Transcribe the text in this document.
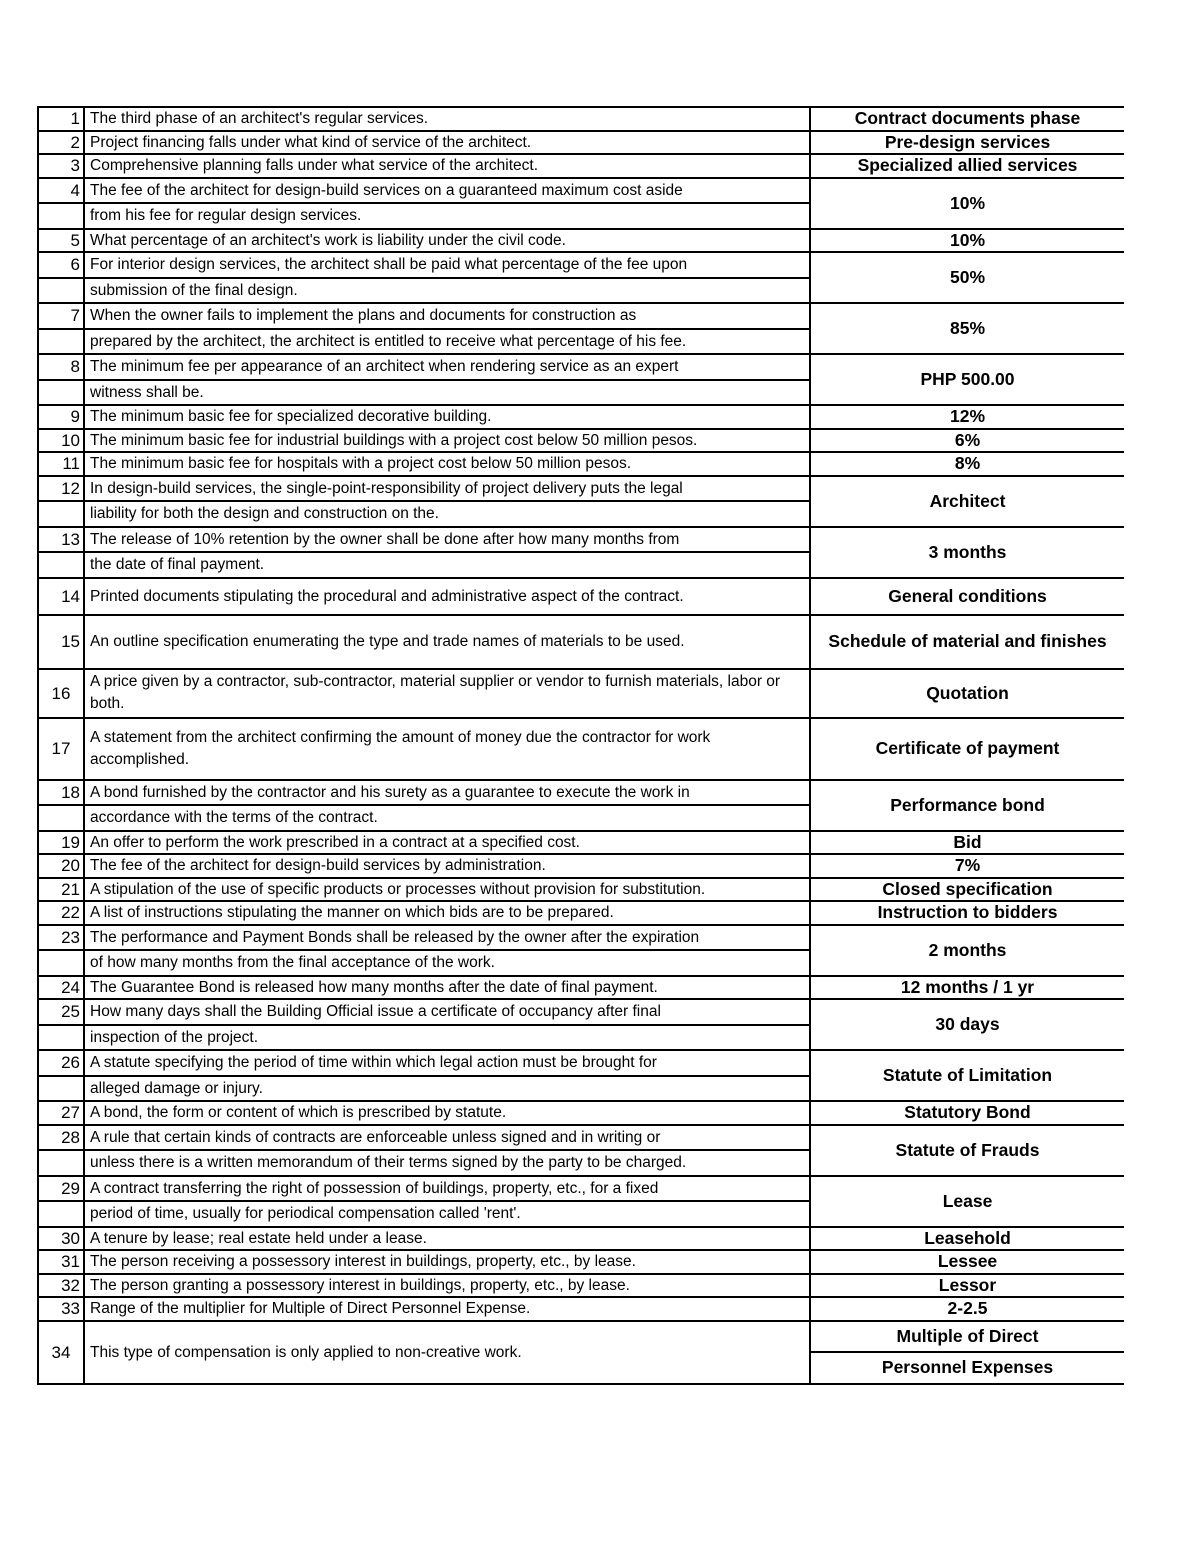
1	The third phase of an architect's regular services.	Contract documents phase
2	Project financing falls under what kind of service of the architect.	Pre-design services
3	Comprehensive planning falls under what service of the architect.	Specialized allied services
4	The fee of the architect for design-build services on a guaranteed maximum cost aside	10%
	from his fee for regular design services.	
5	What percentage of an architect's work is liability under the civil code.	10%
6	For interior design services, the architect shall be paid what percentage of the fee upon	50%
	submission of the final design.	
7	When the owner fails to implement the plans and documents for construction as	85%
	prepared by the architect, the architect is entitled to receive what percentage of his fee.	
8	The minimum fee per appearance of an architect when rendering service as an expert	PHP 500.00
	witness shall be.	
9	The minimum basic fee for specialized decorative building.	12%
10	The minimum basic fee for industrial buildings with a project cost below 50 million pesos.	6%
11	The minimum basic fee for hospitals with a project cost below 50 million pesos.	8%
12	In design-build services, the single-point-responsibility of project delivery puts the legal	Architect
	liability for both the design and construction on the.	
13	The release of 10% retention by the owner shall be done after how many months from	3 months
	the date of final payment.	
14	Printed documents stipulating the procedural and administrative aspect of the contract.	General conditions
15	An outline specification enumerating the type and trade names of materials to be used.	Schedule of material and finishes
16	A price given by a contractor, sub-contractor, material supplier or vendor to furnish materials, labor or both.	Quotation
17	A statement from the architect confirming the amount of money due the contractor for work accomplished.	Certificate of payment
18	A bond furnished by the contractor and his surety as a guarantee to execute the work in	Performance bond
	accordance with the terms of the contract.	
19	An offer to perform the work prescribed in a contract at a specified cost.	Bid
20	The fee of the architect for design-build services by administration.	7%
21	A stipulation of the use of specific products or processes without provision for substitution.	Closed specification
22	A list of instructions stipulating the manner on which bids are to be prepared.	Instruction to bidders
23	The performance and Payment Bonds shall be released by the owner after the expiration	2 months
	of how many months from the final acceptance of the work.	
24	The Guarantee Bond is released how many months after the date of final payment.	12 months / 1 yr
25	How many days shall the Building Official issue a certificate of occupancy after final	30 days
	inspection of the project.	
26	A statute specifying the period of time within which legal action must be brought for	Statute of Limitation
	alleged damage or injury.	
27	A bond, the form or content of which is prescribed by statute.	Statutory Bond
28	A rule that certain kinds of contracts are enforceable unless signed and in writing or	Statute of Frauds
	unless there is a written memorandum of their terms signed by the party to be charged.	
29	A contract transferring the right of possession of buildings, property, etc., for a fixed	Lease
	period of time, usually for periodical compensation called 'rent'.	
30	A tenure by lease; real estate held under a lease.	Leasehold
31	The person receiving a possessory interest in buildings, property, etc., by lease.	Lessee
32	The person granting a possessory interest in buildings, property, etc., by lease.	Lessor
33	Range of the multiplier for Multiple of Direct Personnel Expense.	2-2.5
34	This type of compensation is only applied to non-creative work.	Multiple of Direct
		Personnel Expenses
